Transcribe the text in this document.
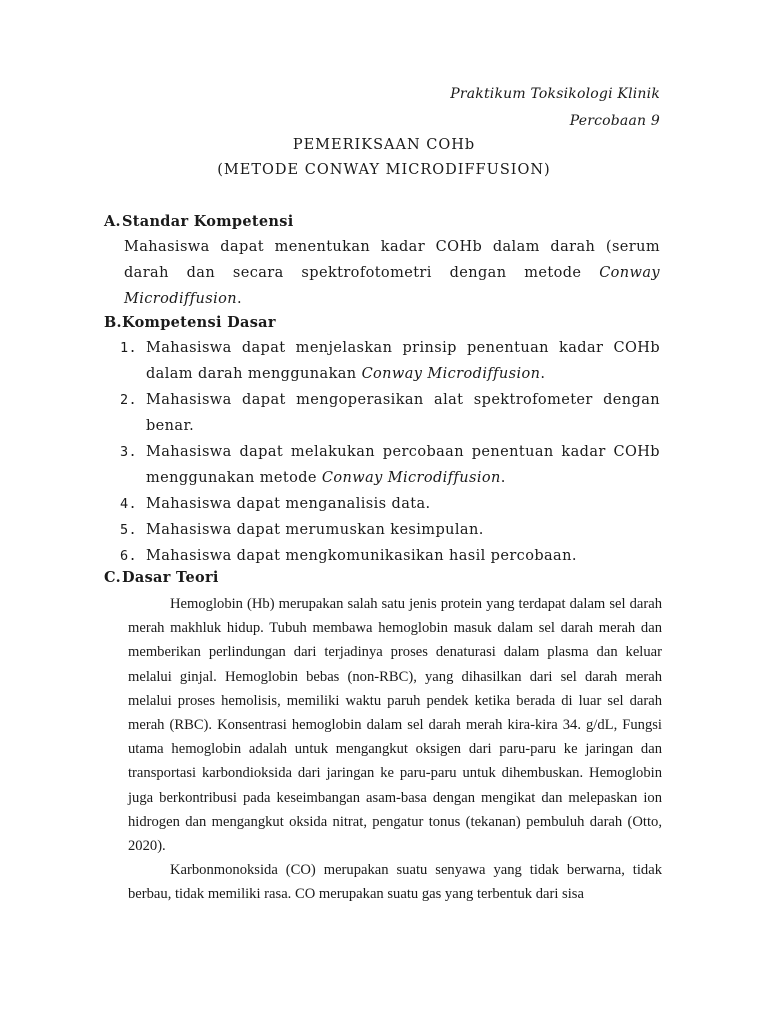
Praktikum Toksikologi Klinik
Percobaan 9
PEMERIKSAAN COHb
(METODE CONWAY MICRODIFFUSION)
A.Standar Kompetensi
Mahasiswa dapat menentukan kadar COHb dalam darah (serum darah dan secara spektrofotometri dengan metode Conway Microdiffusion.
B.Kompetensi Dasar
1. Mahasiswa dapat menjelaskan prinsip penentuan kadar COHb dalam darah menggunakan Conway Microdiffusion.
2. Mahasiswa dapat mengoperasikan alat spektrofometer dengan benar.
3. Mahasiswa dapat melakukan percobaan penentuan kadar COHb menggunakan metode Conway Microdiffusion.
4. Mahasiswa dapat menganalisis data.
5. Mahasiswa dapat merumuskan kesimpulan.
6. Mahasiswa dapat mengkomunikasikan hasil percobaan.
C.Dasar Teori

Hemoglobin (Hb) merupakan salah satu jenis protein yang terdapat dalam sel darah merah makhluk hidup. Tubuh membawa hemoglobin masuk dalam sel darah merah dan memberikan perlindungan dari terjadinya proses denaturasi dalam plasma dan keluar melalui ginjal. Hemoglobin bebas (non-RBC), yang dihasilkan dari sel darah merah melalui proses hemolisis, memiliki waktu paruh pendek ketika berada di luar sel darah merah (RBC). Konsentrasi hemoglobin dalam sel darah merah kira-kira 34. g/dL, Fungsi utama hemoglobin adalah untuk mengangkut oksigen dari paru-paru ke jaringan dan transportasi karbondioksida dari jaringan ke paru-paru untuk dihembuskan. Hemoglobin juga berkontribusi pada keseimbangan asam-basa dengan mengikat dan melepaskan ion hidrogen dan mengangkut oksida nitrat, pengatur tonus (tekanan) pembuluh darah (Otto, 2020).

Karbonmonoksida (CO) merupakan suatu senyawa yang tidak berwarna, tidak berbau, tidak memiliki rasa. CO merupakan suatu gas yang terbentuk dari sisa
